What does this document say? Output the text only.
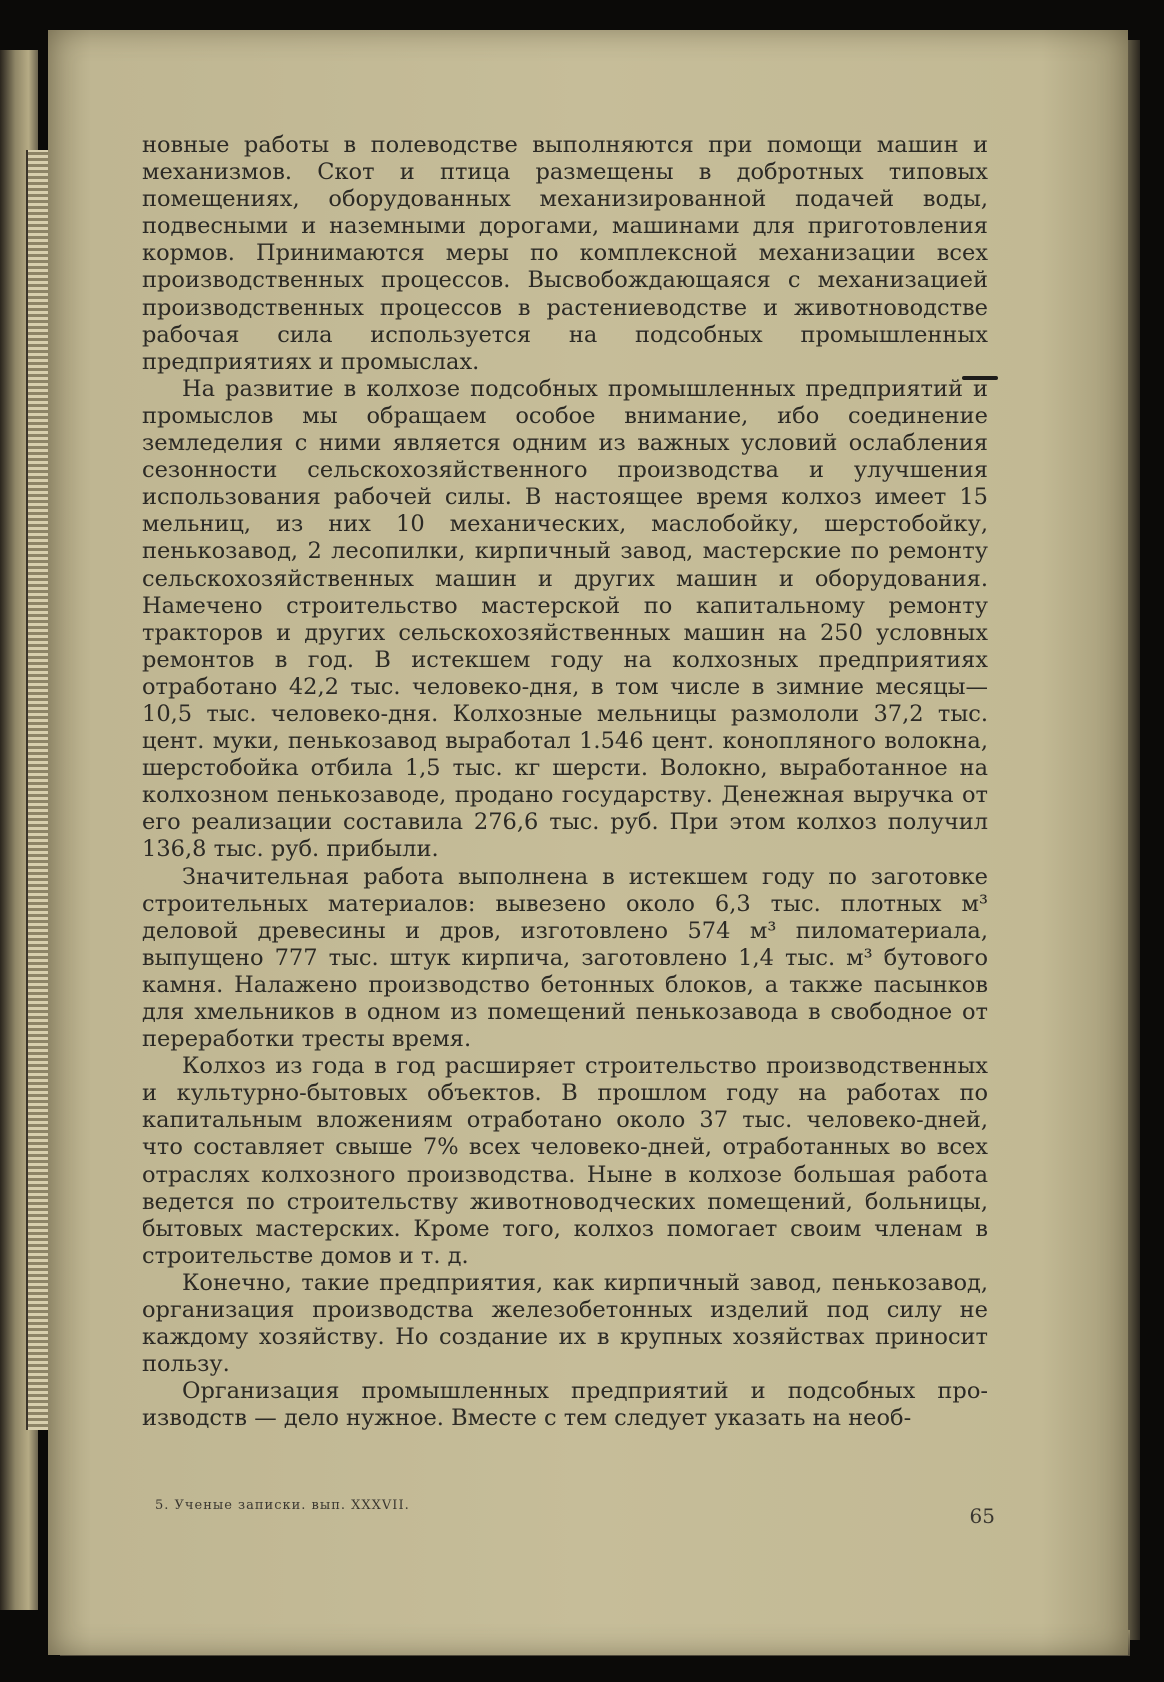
новные работы в полеводстве выполняются при помощи машин и механизмов. Скот и птица размещены в добротных типовых помещениях, оборудованных механизированной подачей воды, подвесными и наземными дорогами, машинами для приготовления кормов. Принимаются меры по комплексной механизации всех производственных процессов. Высвобождающаяся с механизацией производственных процессов в растениеводстве и животноводстве рабочая сила используется на подсобных промышленных предприятиях и промыслах.

На развитие в колхозе подсобных промышленных предприятий и промыслов мы обращаем особое внимание, ибо соединение земледелия с ними является одним из важных условий ослабления сезонности сельскохозяйственного производства и улучшения использования рабочей силы. В настоящее время колхоз имеет 15 мельниц, из них 10 механических, маслобойку, шерстобойку, пенькозавод, 2 лесопилки, кирпичный завод, мастерские по ремонту сельскохозяйственных машин и других машин и оборудования. Намечено строительство мастерской по капитальному ремонту тракторов и других сельскохозяйственных машин на 250 условных ремонтов в год. В истекшем году на колхозных предприятиях отработано 42,2 тыс. человеко-дня, в том числе в зимние месяцы—10,5 тыс. человеко-дня. Колхозные мельницы размололи 37,2 тыс. цент. муки, пенькозавод выработал 1.546 цент. конопляного волокна, шерстобойка отбила 1,5 тыс. кг шерсти. Волокно, выработанное на колхозном пенькозаводе, продано государству. Денежная выручка от его реализации составила 276,6 тыс. руб. При этом колхоз получил 136,8 тыс. руб. прибыли.

Значительная работа выполнена в истекшем году по заготовке строительных материалов: вывезено около 6,3 тыс. плотных м³ деловой древесины и дров, изготовлено 574 м³ пиломатериала, выпущено 777 тыс. штук кирпича, заготовлено 1,4 тыс. м³ бутового камня. Налажено производство бетонных блоков, а также пасынков для хмельников в одном из помещений пенькозавода в свободное от переработки тресты время.

Колхоз из года в год расширяет строительство производственных и культурно-бытовых объектов. В прошлом году на работах по капитальным вложениям отработано около 37 тыс. человеко-дней, что составляет свыше 7% всех человеко-дней, отработанных во всех отраслях колхозного производства. Ныне в колхозе большая работа ведется по строительству животноводческих помещений, больницы, бытовых мастерских. Кроме того, колхоз помогает своим членам в строительстве домов и т. д.

Конечно, такие предприятия, как кирпичный завод, пенькозавод, организация производства железобетонных изделий под силу не каждому хозяйству. Но создание их в крупных хозяйствах приносит пользу.

Организация промышленных предприятий и подсобных производств — дело нужное. Вместе с тем следует указать на необ-

5. Ученые записки. вып. XXXVII.	65
